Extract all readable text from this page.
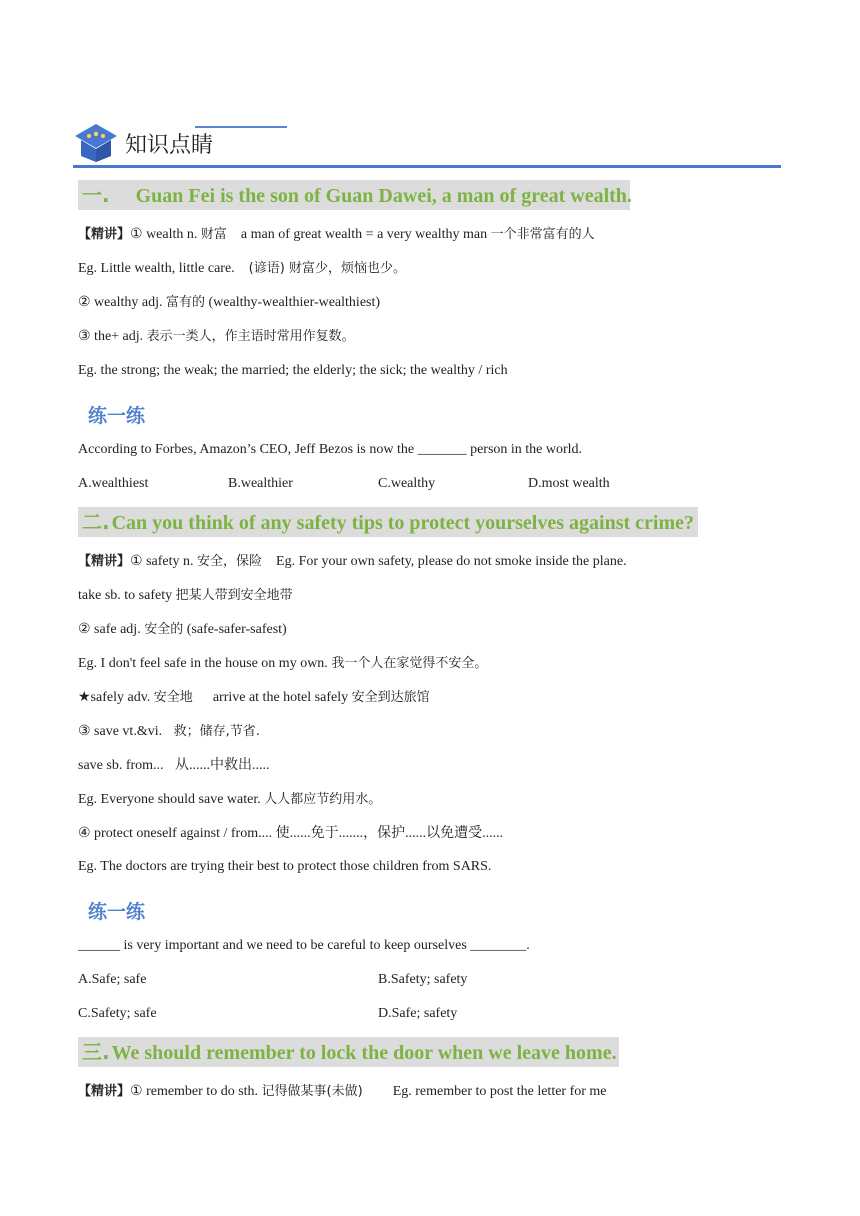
知识点睛
一. Guan Fei is the son of Guan Dawei, a man of great wealth.
【精讲】① wealth n. 财富 a man of great wealth = a very wealthy man 一个非常富有的人
Eg. Little wealth, little care. (谚语) 财富少，烦恼也少。
② wealthy adj. 富有的 (wealthy-wealthier-wealthiest)
③ the+ adj. 表示一类人，作主语时常用作复数。
Eg. the strong; the weak; the married; the elderly; the sick; the wealthy / rich
练一练
According to Forbes, Amazon’s CEO, Jeff Bezos is now the _______ person in the world.
A.wealthiest	B.wealthier	C.wealthy	D.most wealth
二. Can you think of any safety tips to protect yourselves against crime?
【精讲】① safety n. 安全，保险 Eg. For your own safety, please do not smoke inside the plane.
take sb. to safety 把某人带到安全地带
② safe adj. 安全的 (safe-safer-safest)
Eg. I don't feel safe in the house on my own. 我一个人在家觉得不安全。
★safely adv. 安全地 arrive at the hotel safely 安全到达旅馆
③ save vt.&vi. 救；储存,节省.
save sb. from... 从......中救出.....
Eg. Everyone should save water. 人人都应节约用水。
④ protect oneself against / from.... 使......免于.......，保护......以免遭受......
Eg. The doctors are trying their best to protect those children from SARS.
练一练
______ is very important and we need to be careful to keep ourselves ________.
A.Safe; safe	B.Safety; safety
C.Safety; safe	D.Safe; safety
三. We should remember to lock the door when we leave home.
【精讲】① remember to do sth. 记得做某事(未做) Eg. remember to post the letter for me
